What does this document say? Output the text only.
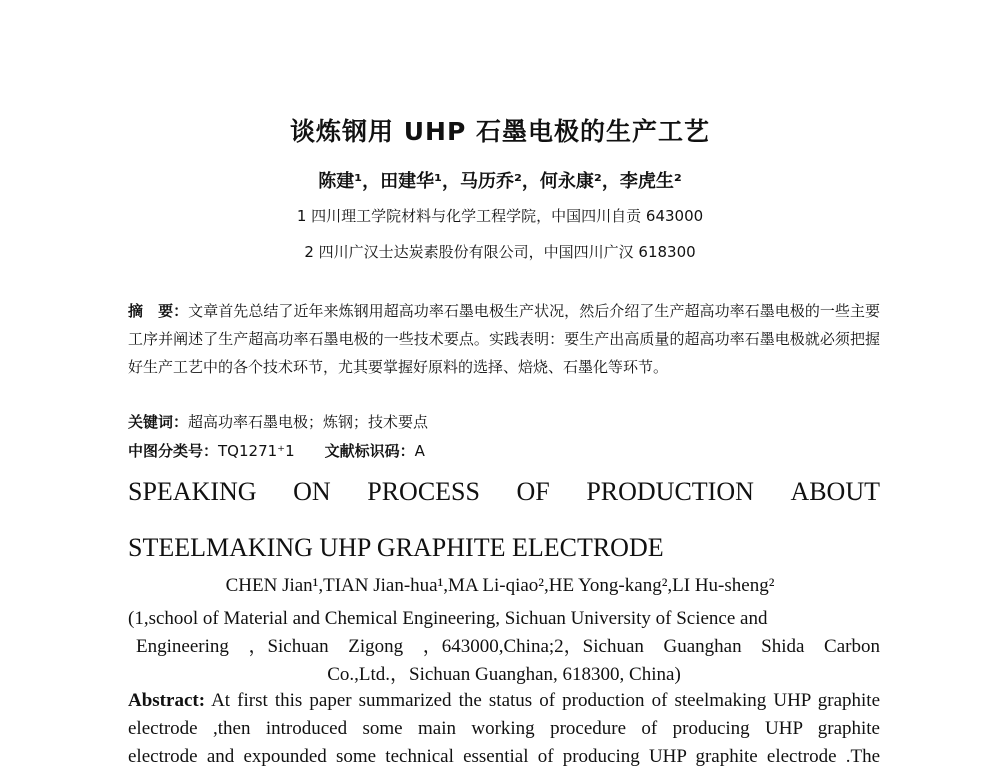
谈炼钢用 UHP 石墨电极的生产工艺
陈建¹，田建华¹，马历乔²，何永康²，李虎生²
1 四川理工学院材料与化学工程学院，中国四川自贡 643000
2 四川广汉士达炭素股份有限公司，中国四川广汉 618300
摘　要：文章首先总结了近年来炼钢用超高功率石墨电极生产状况，然后介绍了生产超高功率石墨电极的一些主要工序并阐述了生产超高功率石墨电极的一些技术要点。实践表明：要生产出高质量的超高功率石墨电极就必须把握好生产工艺中的各个技术环节，尤其要掌握好原料的选择、焙烧、石墨化等环节。
关键词：超高功率石墨电极；炼钢；技术要点
中图分类号：TQ1271⁺1 文献标识码：A
SPEAKING ON PROCESS OF PRODUCTION ABOUT
STEELMAKING UHP GRAPHITE ELECTRODE
CHEN Jian¹,TIAN Jian-hua¹,MA Li-qiao²,HE Yong-kang²,LI Hu-sheng²
(1,school of Material and Chemical Engineering, Sichuan University of Science and
Engineering ，Sichuan Zigong ，643000,China;2，Sichuan Guanghan Shida Carbon
Co.,Ltd.，Sichuan Guanghan, 618300, China)
Abstract: At first this paper summarized the status of production of steelmaking UHP graphite
electrode ,then introduced some main working procedure of producing UHP graphite
electrode and expounded some technical essential of producing UHP graphite electrode .The
